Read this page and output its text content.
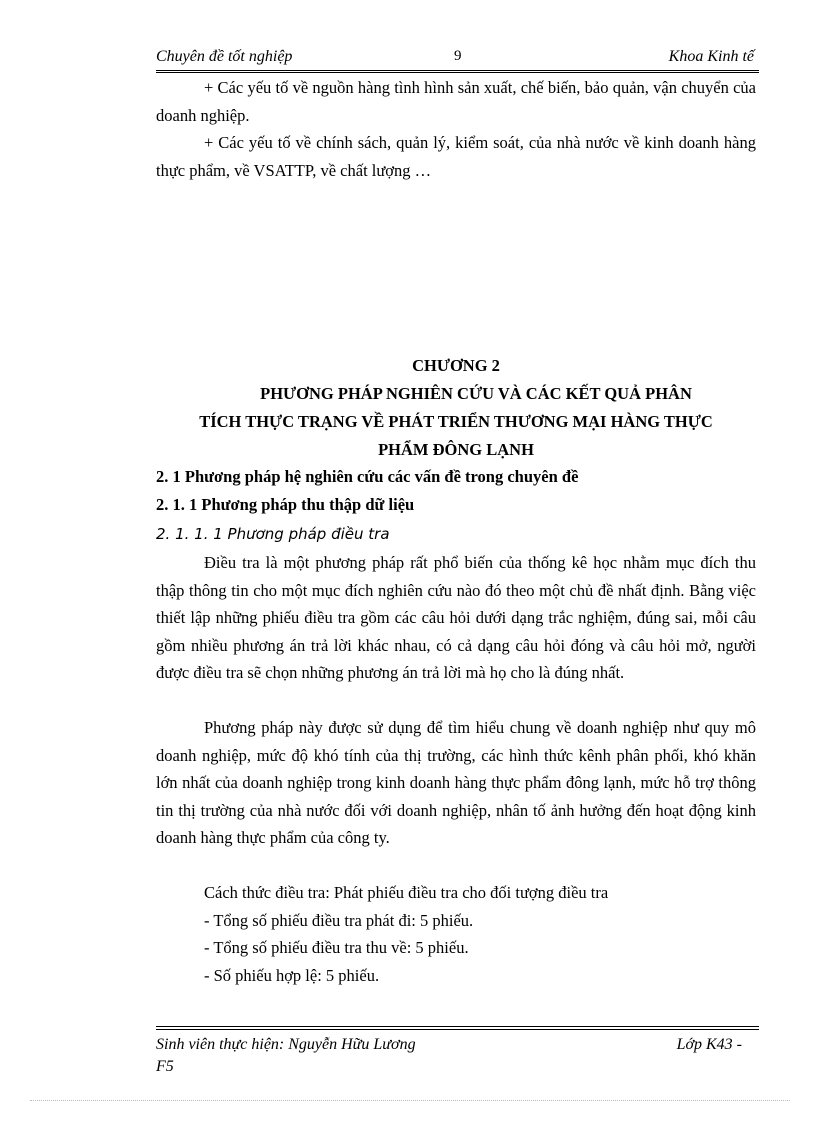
Chuyên đề tốt nghiệp	9	Khoa Kinh tế

+ Các yếu tố về nguồn hàng tình hình sản xuất, chế biến, bảo quản, vận chuyển của doanh nghiệp.

+ Các yếu tố về chính sách, quản lý, kiểm soát, của nhà nước về kinh doanh hàng thực phẩm, về VSATTP, về chất lượng …

CHƯƠNG 2
PHƯƠNG PHÁP NGHIÊN CỨU VÀ CÁC KẾT QUẢ PHÂN
TÍCH THỰC TRẠNG VỀ PHÁT TRIỂN THƯƠNG MẠI HÀNG THỰC
PHẨM ĐÔNG LẠNH
2. 1 Phương pháp hệ nghiên cứu các vấn đề trong chuyên đề
2. 1. 1 Phương pháp thu thập dữ liệu
2. 1. 1. 1 Phương pháp điều tra

Điều tra là một phương pháp rất phổ biến của thống kê học nhằm mục đích thu thập thông tin cho một mục đích nghiên cứu nào đó theo một chủ đề nhất định. Bằng việc thiết lập những phiếu điều tra gồm các câu hỏi dưới dạng trắc nghiệm, đúng sai, mỗi câu gồm nhiều phương án trả lời khác nhau, có cả dạng câu hỏi đóng và câu hỏi mở, người được điều tra sẽ chọn những phương án trả lời mà họ cho là đúng nhất.

Phương pháp này được sử dụng để tìm hiểu chung về doanh nghiệp như quy mô doanh nghiệp, mức độ khó tính của thị trường, các hình thức kênh phân phối, khó khăn lớn nhất của doanh nghiệp trong kinh doanh hàng thực phẩm đông lạnh, mức hỗ trợ thông tin thị trường của nhà nước đối với doanh nghiệp, nhân tố ảnh hưởng đến hoạt động kinh doanh hàng thực phẩm của công ty.

Cách thức điều tra: Phát phiếu điều tra cho đối tượng điều tra

- Tổng số phiếu điều tra phát đi: 5 phiếu.

- Tổng số phiếu điều tra thu về: 5 phiếu.

- Số phiếu hợp lệ: 5 phiếu.

Sinh viên thực hiện: Nguyễn Hữu Lương	Lớp K43 -
F5
